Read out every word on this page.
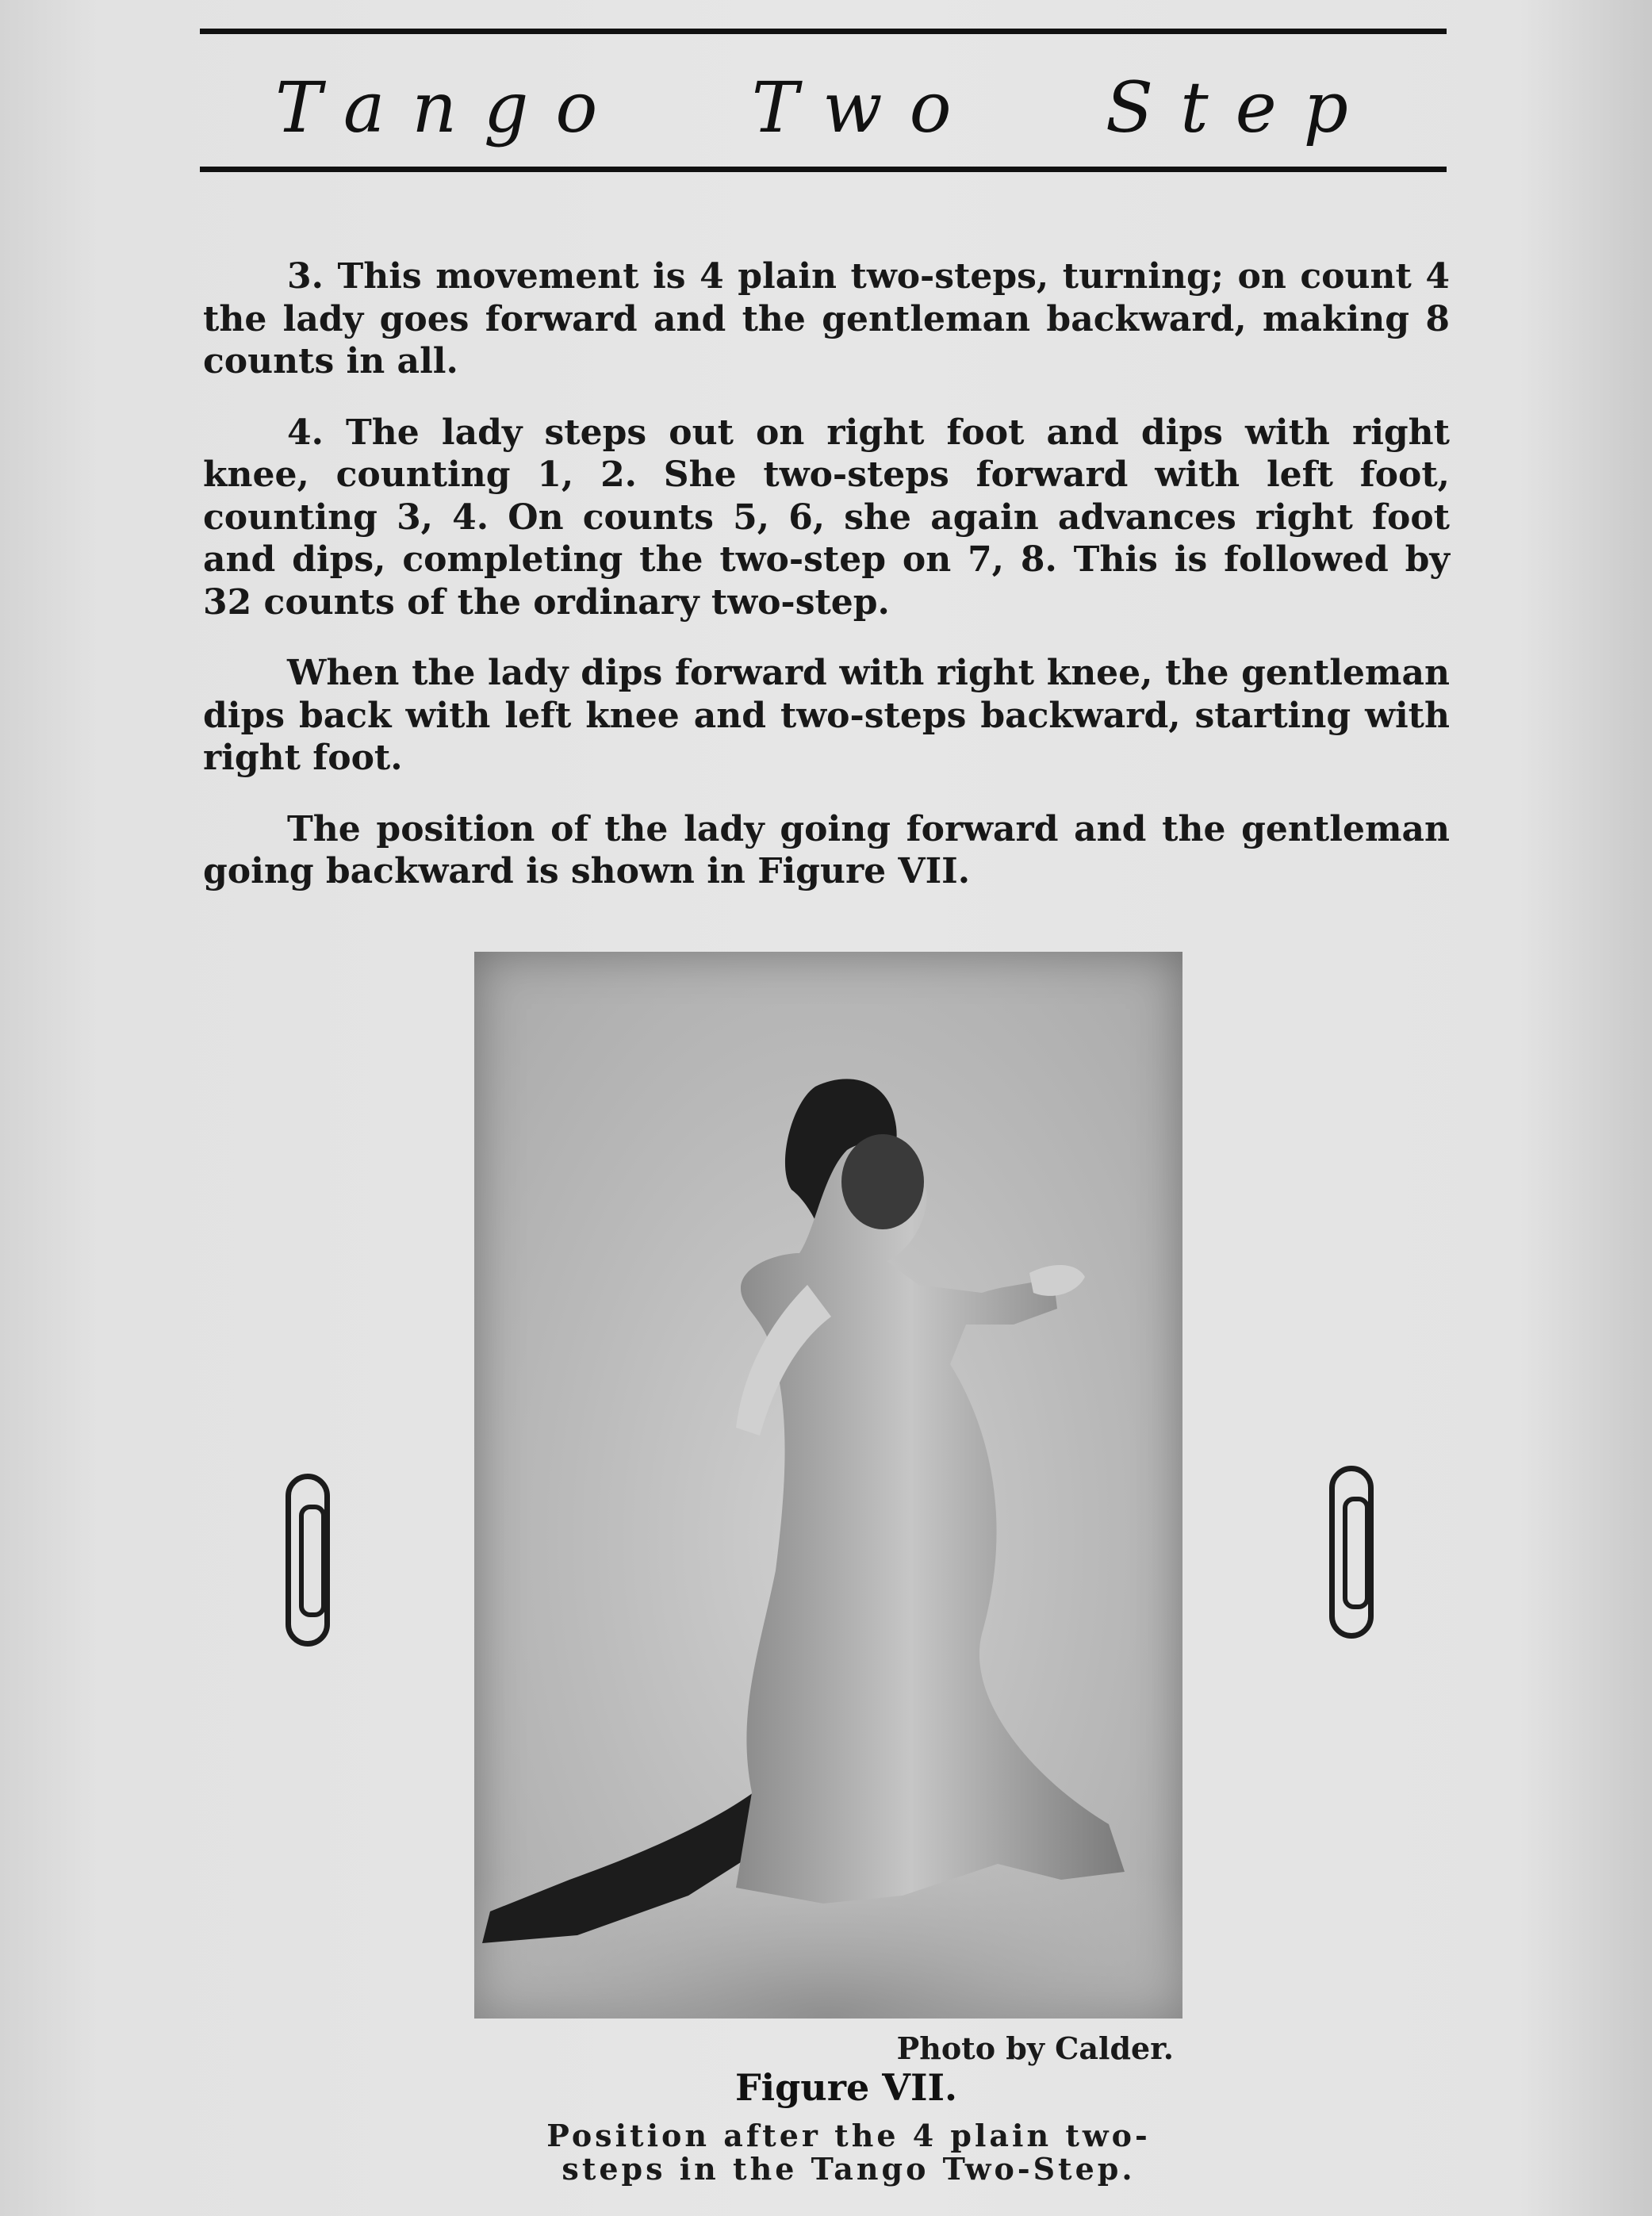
Tango Two Step

3. This movement is 4 plain two-steps, turning; on count 4 the lady goes forward and the gentleman backward, making 8 counts in all.

4. The lady steps out on right foot and dips with right knee, counting 1, 2. She two-steps forward with left foot, counting 3, 4. On counts 5, 6, she again advances right foot and dips, completing the two-step on 7, 8. This is followed by 32 counts of the ordinary two-step.

When the lady dips forward with right knee, the gentleman dips back with left knee and two-steps backward, starting with right foot.

The position of the lady going forward and the gentleman going backward is shown in Figure VII.

Photo by Calder.
Figure VII.
Position after the 4 plain two-
steps in the Tango Two-Step.
